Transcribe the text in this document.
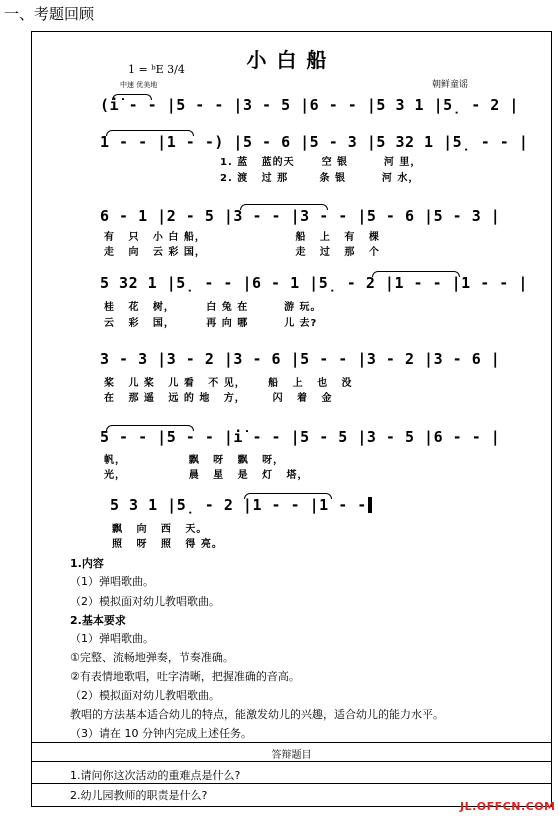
一、考题回顾
小白船
1 = ᵇE 3/4
中速 优美地	朝鲜童谣
(i̇ - - |5 - - |3 - 5 |6 - - |5 3 1 |5̣ - 2 |
1 - - |1 - -) |5 - 6 |5 - 3 |5 32 1 |5̣ - - |
1. 蓝   蓝的天      空 银        河 里，
2. 渡   过 那       条 银        河 水，
6 - 1 |2 - 5 |3 - - |3 - - |5 - 6 |5 - 3 |
有   只   小 白 船，                    船   上   有   棵
走   向   云 彩 国，                    走   过   那   个
5 32 1 |5̣ - - |6 - 1 |5̣ - 2 |1 - - |1 - - |
桂   花   树，       白 兔 在        游 玩。
云   彩   国，       再 向 哪        儿 去?
3 - 3 |3 - 2 |3 - 6 |5 - - |3 - 2 |3 - 6 |
桨   儿 桨   儿 看   不 见，     船   上   也   没
在   那 遥   远 的 地   方，      闪   着   金
5 - - |5 - - |i̇ - - |5 - 5 |3 - 5 |6 - - |
帆，              飘   呀   飘   呀，
光，              晨   星   是   灯   塔，
5 3 1 |5̣ - 2 |1 - - |1 - -
飘   向   西   天。
照   呀   照   得 亮。
1.内容
（1）弹唱歌曲。
（2）模拟面对幼儿教唱歌曲。
2.基本要求
（1）弹唱歌曲。
①完整、流畅地弹奏，节奏准确。
②有表情地歌唱，吐字清晰，把握准确的音高。
（2）模拟面对幼儿教唱歌曲。
教唱的方法基本适合幼儿的特点，能激发幼儿的兴趣，适合幼儿的能力水平。
（3）请在 10 分钟内完成上述任务。
答辩题目
1.请问你这次活动的重难点是什么?
2.幼儿园教师的职责是什么?
JL.OFFCN.COM
